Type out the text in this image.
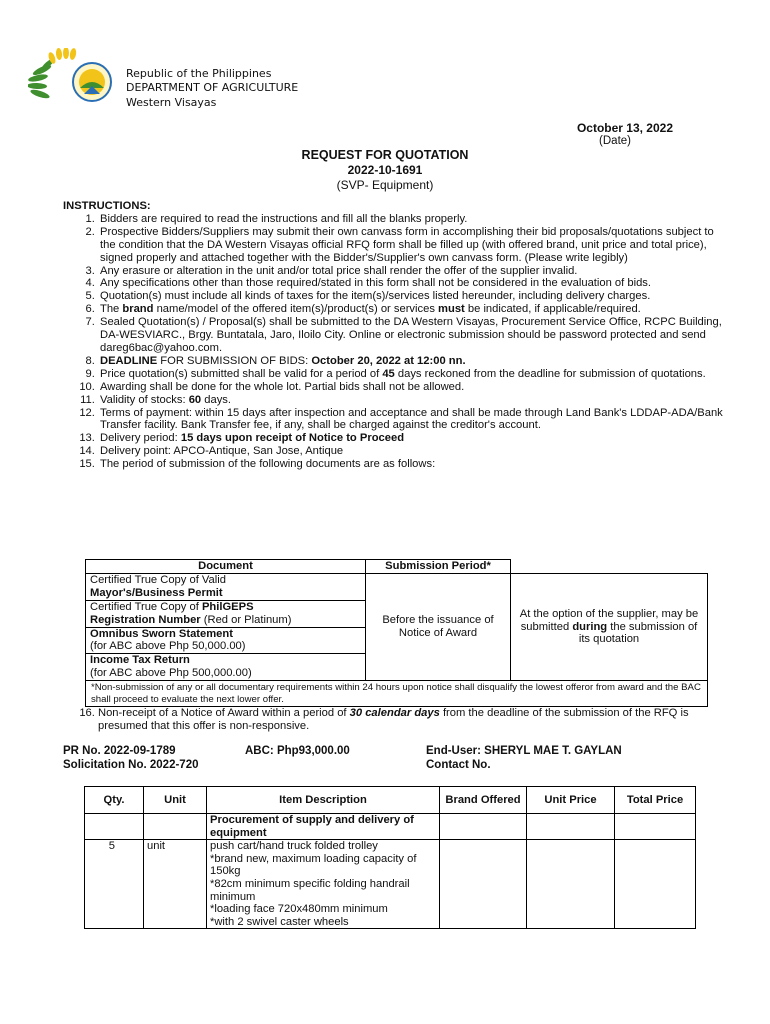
Republic of the Philippines
DEPARTMENT OF AGRICULTURE
Western Visayas
October 13, 2022
(Date)
REQUEST FOR QUOTATION
2022-10-1691
(SVP- Equipment)
INSTRUCTIONS:
1. Bidders are required to read the instructions and fill all the blanks properly.
2. Prospective Bidders/Suppliers may submit their own canvass form in accomplishing their bid proposals/quotations subject to the condition that the DA Western Visayas official RFQ form shall be filled up (with offered brand, unit price and total price), signed properly and attached together with the Bidder's/Supplier's own canvass form. (Please write legibly)
3. Any erasure or alteration in the unit and/or total price shall render the offer of the supplier invalid.
4. Any specifications other than those required/stated in this form shall not be considered in the evaluation of bids.
5. Quotation(s) must include all kinds of taxes for the item(s)/services listed hereunder, including delivery charges.
6. The brand name/model of the offered item(s)/product(s) or services must be indicated, if applicable/required.
7. Sealed Quotation(s) / Proposal(s) shall be submitted to the DA Western Visayas, Procurement Service Office, RCPC Building, DA-WESVIARC., Brgy. Buntatala, Jaro, Iloilo City. Online or electronic submission should be password protected and send dareg6bac@yahoo.com.
8. DEADLINE FOR SUBMISSION OF BIDS: October 20, 2022 at 12:00 nn.
9. Price quotation(s) submitted shall be valid for a period of 45 days reckoned from the deadline for submission of quotations.
10. Awarding shall be done for the whole lot. Partial bids shall not be allowed.
11. Validity of stocks: 60 days.
12. Terms of payment: within 15 days after inspection and acceptance and shall be made through Land Bank's LDDAP-ADA/Bank Transfer facility. Bank Transfer fee, if any, shall be charged against the creditor's account.
13. Delivery period: 15 days upon receipt of Notice to Proceed
14. Delivery point: APCO-Antique, San Jose, Antique
15. The period of submission of the following documents are as follows:
Document	Submission Period*	
Certified True Copy of Valid
Mayor's/Business Permit	Before the issuance of Notice of Award	At the option of the supplier, may be submitted during the submission of its quotation
Certified True Copy of PhilGEPS
Registration Number (Red or Platinum)		
Omnibus Sworn Statement
(for ABC above Php 50,000.00)		
Income Tax Return
(for ABC above Php 500,000.00)		
*Non-submission of any or all documentary requirements within 24 hours upon notice shall disqualify the lowest offeror from award and the BAC shall proceed to evaluate the next lower offer.		
16. Non-receipt of a Notice of Award within a period of 30 calendar days from the deadline of the submission of the RFQ is presumed that this offer is non-responsive.
PR No. 2022-09-1789
Solicitation No. 2022-720
ABC: Php93,000.00	End-User: SHERYL MAE T. GAYLAN
Contact No.
Qty.	Unit	Item Description	Brand Offered	Unit Price	Total Price
		Procurement of supply and delivery of equipment			
5	unit	push cart/hand truck folded trolley
*brand new, maximum loading capacity of 150kg
*82cm minimum specific folding handrail minimum
*loading face 720x480mm minimum
*with 2 swivel caster wheels			
